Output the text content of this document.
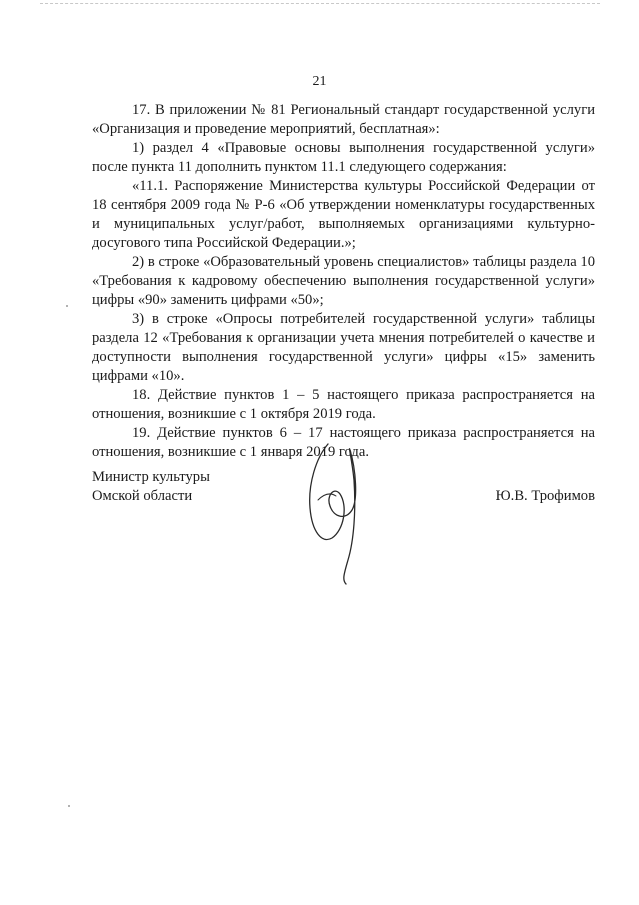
21

17. В приложении № 81 Региональный стандарт государственной услуги «Организация и проведение мероприятий, бесплатная»:

1) раздел 4 «Правовые основы выполнения государственной услуги» после пункта 11 дополнить пунктом 11.1 следующего содержания:

«11.1. Распоряжение Министерства культуры Российской Федерации от 18 сентября 2009 года № Р-6 «Об утверждении номенклатуры государственных и муниципальных услуг/работ, выполняемых организациями культурно-досугового типа Российской Федерации.»;

2) в строке «Образовательный уровень специалистов» таблицы раздела 10 «Требования к кадровому обеспечению выполнения государственной услуги» цифры «90» заменить цифрами «50»;

3) в строке «Опросы потребителей государственной услуги» таблицы раздела 12 «Требования к организации учета мнения потребителей о качестве и доступности выполнения государственной услуги» цифры «15» заменить цифрами «10».

18. Действие пунктов 1 – 5 настоящего приказа распространяется на отношения, возникшие с 1 октября 2019 года.

19. Действие пунктов 6 – 17 настоящего приказа распространяется на отношения, возникшие с 1 января 2019 года.

Министр культуры
Омской области	Ю.В. Трофимов
